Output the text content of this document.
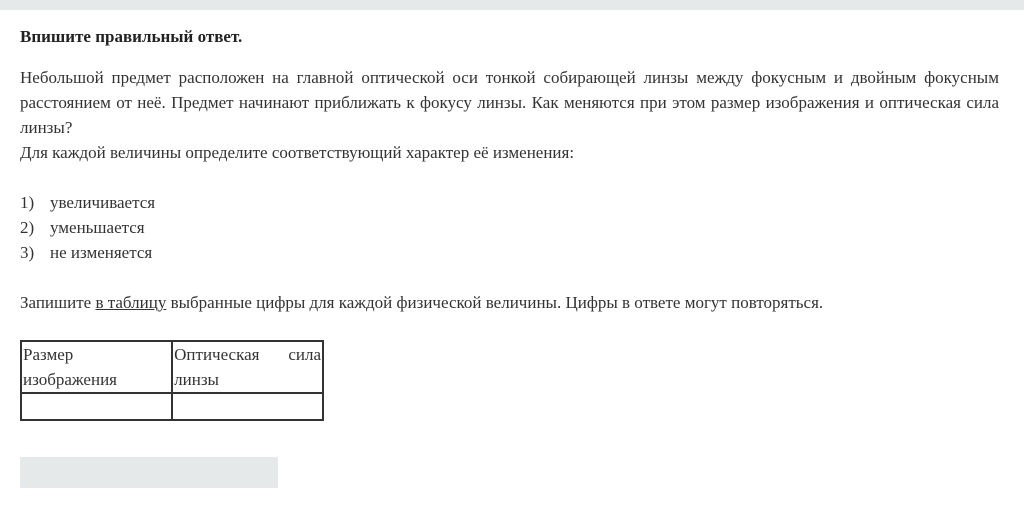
Впишите правильный ответ.

Небольшой предмет расположен на главной оптической оси тонкой собирающей линзы между фокусным и двойным фокусным расстоянием от неё. Предмет начинают приближать к фокусу линзы. Как меняются при этом размер изображения и оптическая сила линзы?

Для каждой величины определите соответствующий характер её изменения:

1) увеличивается
2) уменьшается
3) не изменяется

Запишите в таблицу выбранные цифры для каждой физической величины. Цифры в ответе могут повторяться.

Размер изображения	Оптическая сила линзы
